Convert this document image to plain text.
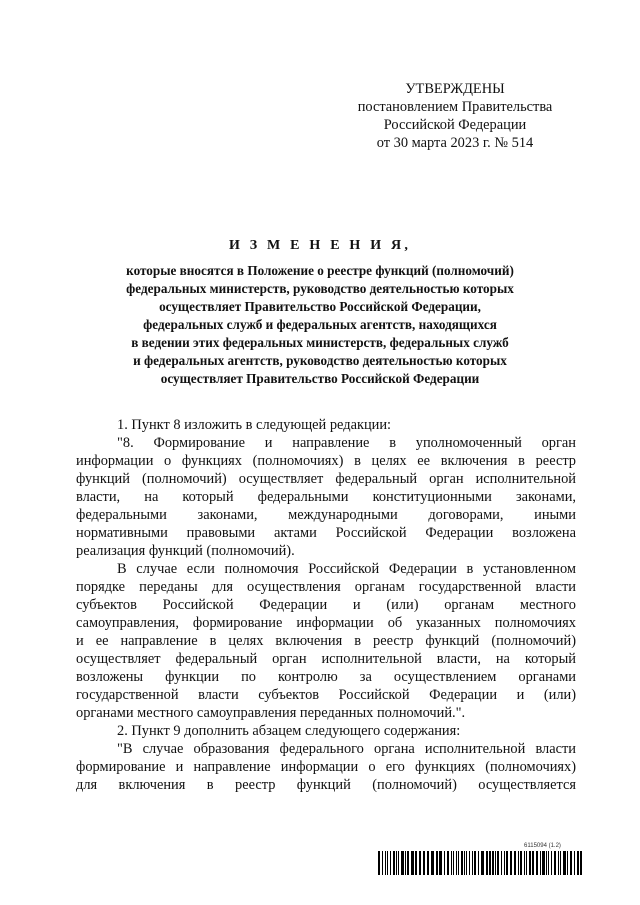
УТВЕРЖДЕНЫ
постановлением Правительства
Российской Федерации
от 30 марта 2023 г. № 514
И З М Е Н Е Н И Я,
которые вносятся в Положение о реестре функций (полномочий)
федеральных министерств, руководство деятельностью которых
осуществляет Правительство Российской Федерации,
федеральных служб и федеральных агентств, находящихся
в ведении этих федеральных министерств, федеральных служб
и федеральных агентств, руководство деятельностью которых
осуществляет Правительство Российской Федерации
1. Пункт 8 изложить в следующей редакции:
"8. Формирование и направление в уполномоченный орган
информации о функциях (полномочиях) в целях ее включения в реестр
функций (полномочий) осуществляет федеральный орган исполнительной
власти, на который федеральными конституционными законами,
федеральными законами, международными договорами, иными
нормативными правовыми актами Российской Федерации возложена
реализация функций (полномочий).
В случае если полномочия Российской Федерации в установленном
порядке переданы для осуществления органам государственной власти
субъектов Российской Федерации и (или) органам местного
самоуправления, формирование информации об указанных полномочиях
и ее направление в целях включения в реестр функций (полномочий)
осуществляет федеральный орган исполнительной власти, на который
возложены функции по контролю за осуществлением органами
государственной власти субъектов Российской Федерации и (или)
органами местного самоуправления переданных полномочий.".
2. Пункт 9 дополнить абзацем следующего содержания:
"В случае образования федерального органа исполнительной власти
формирование и направление информации о его функциях (полномочиях)
для включения в реестр функций (полномочий) осуществляется
6115094 (1.2)
